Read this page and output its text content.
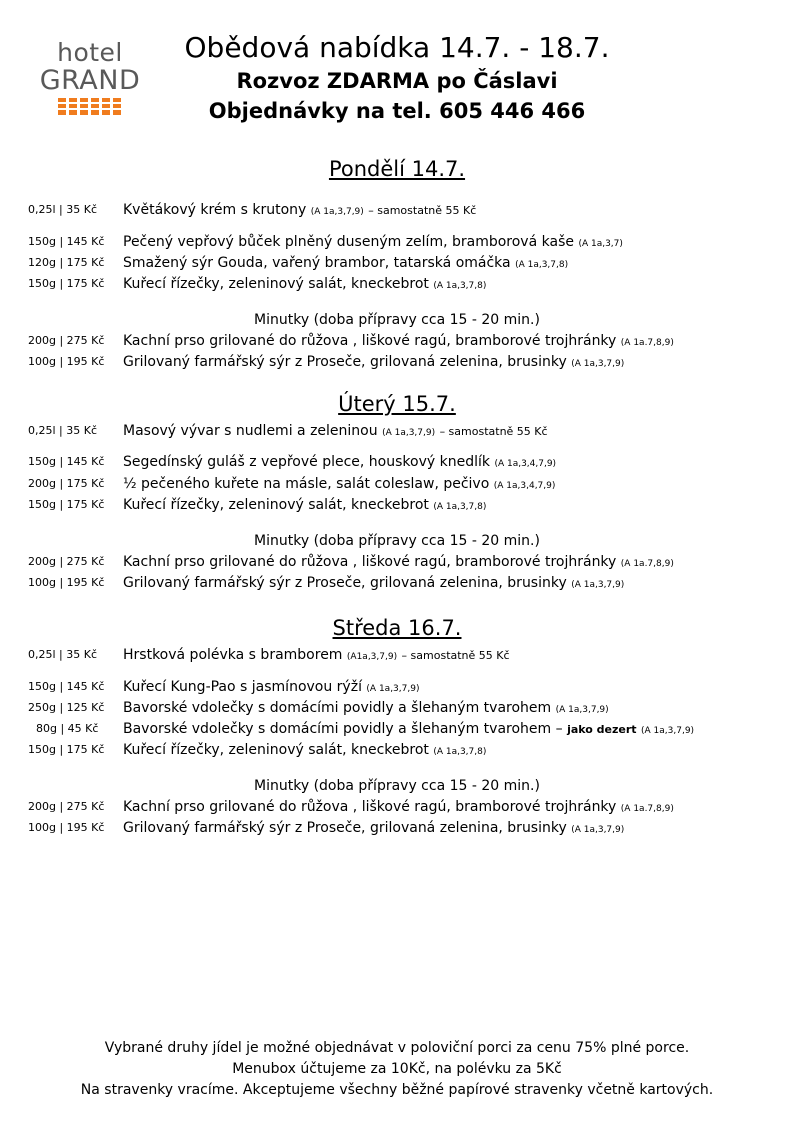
hotel
GRAND
Obědová nabídka 14.7. - 18.7.
Rozvoz ZDARMA po Čáslavi
Objednávky na tel. 605 446 466
Pondělí 14.7.
0,25l | 35 Kč	Květákový krém s krutony (A 1a,3,7,9) – samostatně 55 Kč
150g | 145 Kč	Pečený vepřový bůček plněný duseným zelím, bramborová kaše (A 1a,3,7)
120g | 175 Kč	Smažený sýr Gouda, vařený brambor, tatarská omáčka (A 1a,3,7,8)
150g | 175 Kč	Kuřecí řízečky, zeleninový salát, kneckebrot (A 1a,3,7,8)
Minutky (doba přípravy cca 15 - 20 min.)
200g | 275 Kč	Kachní prso grilované do růžova , liškové ragú, bramborové trojhránky (A 1a.7,8,9)
100g | 195 Kč	Grilovaný farmářský sýr z Proseče, grilovaná zelenina, brusinky (A 1a,3,7,9)
Úterý 15.7.
0,25l | 35 Kč	Masový vývar s nudlemi a zeleninou (A 1a,3,7,9) – samostatně 55 Kč
150g | 145 Kč	Segedínský guláš z vepřové plece, houskový knedlík (A 1a,3,4,7,9)
200g | 175 Kč	½ pečeného kuřete na másle, salát coleslaw, pečivo (A 1a,3,4,7,9)
150g | 175 Kč	Kuřecí řízečky, zeleninový salát, kneckebrot (A 1a,3,7,8)
Minutky (doba přípravy cca 15 - 20 min.)
200g | 275 Kč	Kachní prso grilované do růžova , liškové ragú, bramborové trojhránky (A 1a.7,8,9)
100g | 195 Kč	Grilovaný farmářský sýr z Proseče, grilovaná zelenina, brusinky (A 1a,3,7,9)
Středa 16.7.
0,25l | 35 Kč	Hrstková polévka s bramborem (A1a,3,7,9) – samostatně 55 Kč
150g | 145 Kč	Kuřecí Kung-Pao s jasmínovou rýží (A 1a,3,7,9)
250g | 125 Kč	Bavorské vdolečky s domácími povidly a šlehaným tvarohem (A 1a,3,7,9)
80g | 45 Kč	Bavorské vdolečky s domácími povidly a šlehaným tvarohem – jako dezert (A 1a,3,7,9)
150g | 175 Kč	Kuřecí řízečky, zeleninový salát, kneckebrot (A 1a,3,7,8)
Minutky (doba přípravy cca 15 - 20 min.)
200g | 275 Kč	Kachní prso grilované do růžova , liškové ragú, bramborové trojhránky (A 1a.7,8,9)
100g | 195 Kč	Grilovaný farmářský sýr z Proseče, grilovaná zelenina, brusinky (A 1a,3,7,9)
Vybrané druhy jídel je možné objednávat v poloviční porci za cenu 75% plné porce.
Menubox účtujeme za 10Kč, na polévku za 5Kč
Na stravenky vracíme. Akceptujeme všechny běžné papírové stravenky včetně kartových.
